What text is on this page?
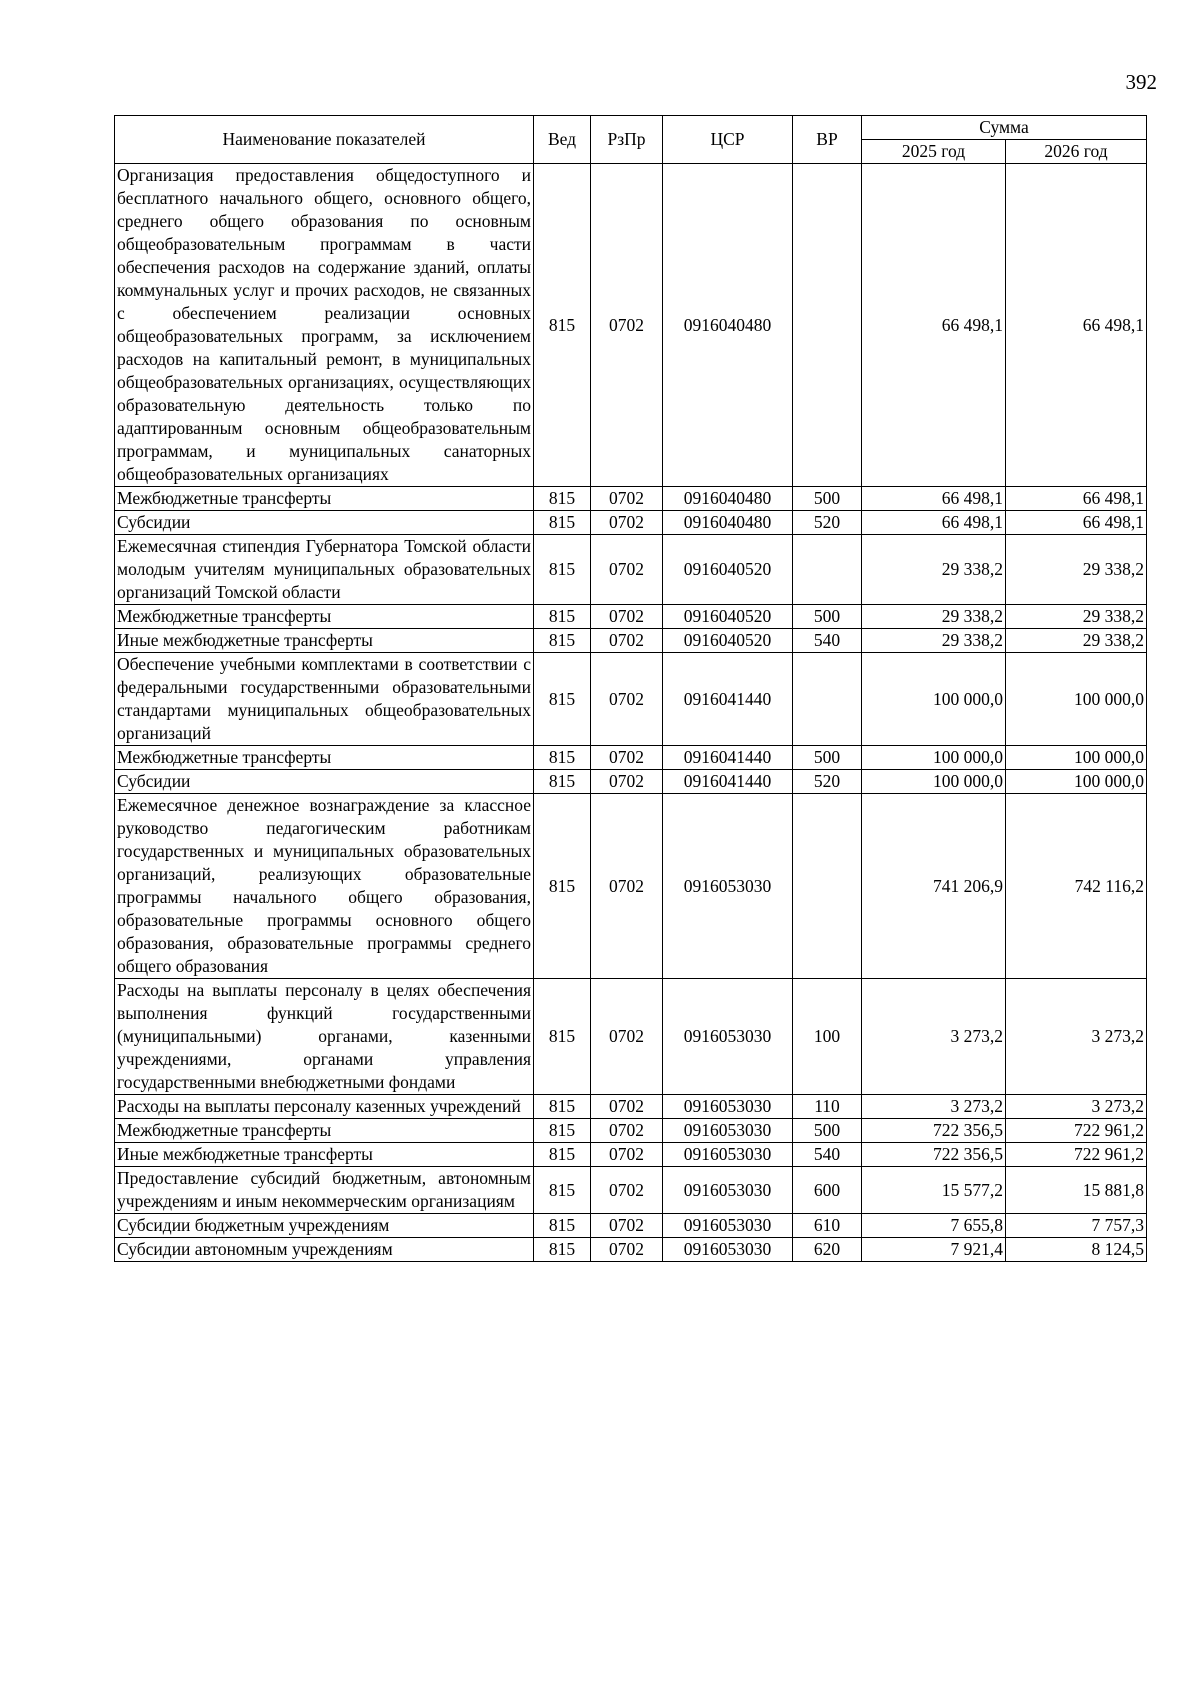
392
Наименование показателей	Вед	РзПр	ЦСР	ВР	Сумма	
					2025 год	2026 год
Организация предоставления общедоступного и бесплатного начального общего, основного общего, среднего общего образования по основным общеобразовательным программам в части обеспечения расходов на содержание зданий, оплаты коммунальных услуг и прочих расходов, не связанных с обеспечением реализации основных общеобразовательных программ, за исключением расходов на капитальный ремонт, в муниципальных общеобразовательных организациях, осуществляющих образовательную деятельность только по адаптированным основным общеобразовательным программам, и муниципальных санаторных общеобразовательных организациях	815	0702	0916040480		66 498,1	66 498,1
Межбюджетные трансферты	815	0702	0916040480	500	66 498,1	66 498,1
Субсидии	815	0702	0916040480	520	66 498,1	66 498,1
Ежемесячная стипендия Губернатора Томской области молодым учителям муниципальных образовательных организаций Томской области	815	0702	0916040520		29 338,2	29 338,2
Межбюджетные трансферты	815	0702	0916040520	500	29 338,2	29 338,2
Иные межбюджетные трансферты	815	0702	0916040520	540	29 338,2	29 338,2
Обеспечение учебными комплектами в соответствии с федеральными государственными образовательными стандартами муниципальных общеобразовательных организаций	815	0702	0916041440		100 000,0	100 000,0
Межбюджетные трансферты	815	0702	0916041440	500	100 000,0	100 000,0
Субсидии	815	0702	0916041440	520	100 000,0	100 000,0
Ежемесячное денежное вознаграждение за классное руководство педагогическим работникам государственных и муниципальных образовательных организаций, реализующих образовательные программы начального общего образования, образовательные программы основного общего образования, образовательные программы среднего общего образования	815	0702	0916053030		741 206,9	742 116,2
Расходы на выплаты персоналу в целях обеспечения выполнения функций государственными (муниципальными) органами, казенными учреждениями, органами управления государственными внебюджетными фондами	815	0702	0916053030	100	3 273,2	3 273,2
Расходы на выплаты персоналу казенных учреждений	815	0702	0916053030	110	3 273,2	3 273,2
Межбюджетные трансферты	815	0702	0916053030	500	722 356,5	722 961,2
Иные межбюджетные трансферты	815	0702	0916053030	540	722 356,5	722 961,2
Предоставление субсидий бюджетным, автономным учреждениям и иным некоммерческим организациям	815	0702	0916053030	600	15 577,2	15 881,8
Субсидии бюджетным учреждениям	815	0702	0916053030	610	7 655,8	7 757,3
Субсидии автономным учреждениям	815	0702	0916053030	620	7 921,4	8 124,5
